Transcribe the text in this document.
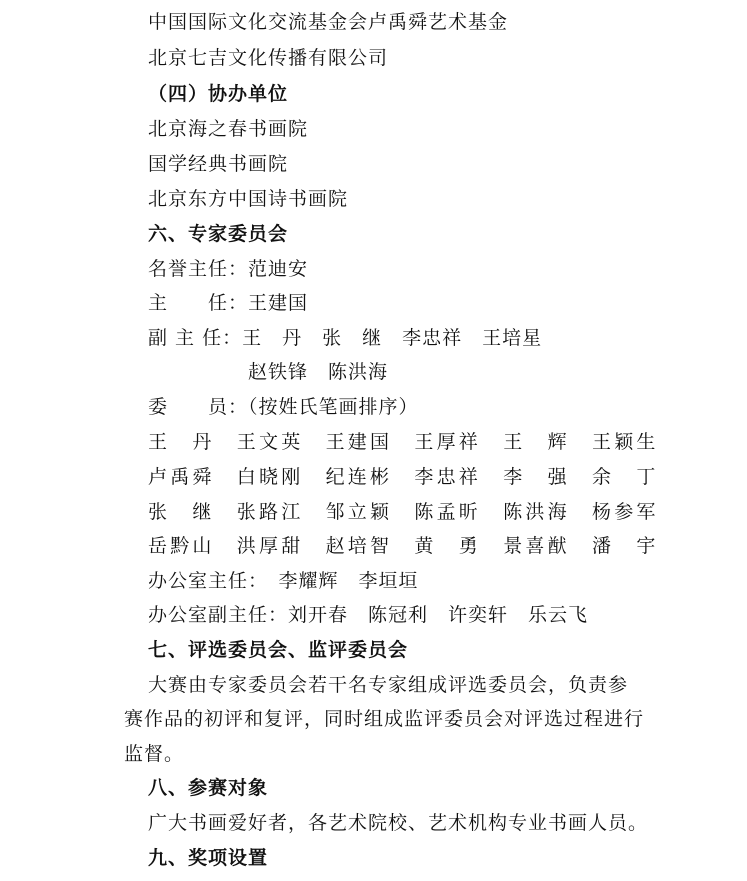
中国国际文化交流基金会卢禹舜艺术基金
北京七吉文化传播有限公司
（四）协办单位
北京海之春书画院
国学经典书画院
北京东方中国诗书画院
六、专家委员会
名誉主任：范迪安
主　　任：王建国
副 主 任：王　丹　张　继　李忠祥　王培星
赵铁锋　陈洪海
委　　员：（按姓氏笔画排序）
王　丹　王文英　王建国　王厚祥　王　辉　王颖生
卢禹舜　白晓刚　纪连彬　李忠祥　李　强　余　丁
张　继　张路江　邹立颖　陈孟昕　陈洪海　杨参军
岳黔山　洪厚甜　赵培智　黄　勇　景喜猷　潘　宇
办公室主任：　李耀辉　李垣垣
办公室副主任：刘开春　陈冠利　许奕轩　乐云飞
七、评选委员会、监评委员会
大赛由专家委员会若干名专家组成评选委员会，负责参
赛作品的初评和复评，同时组成监评委员会对评选过程进行
监督。
八、参赛对象
广大书画爱好者，各艺术院校、艺术机构专业书画人员。
九、奖项设置
